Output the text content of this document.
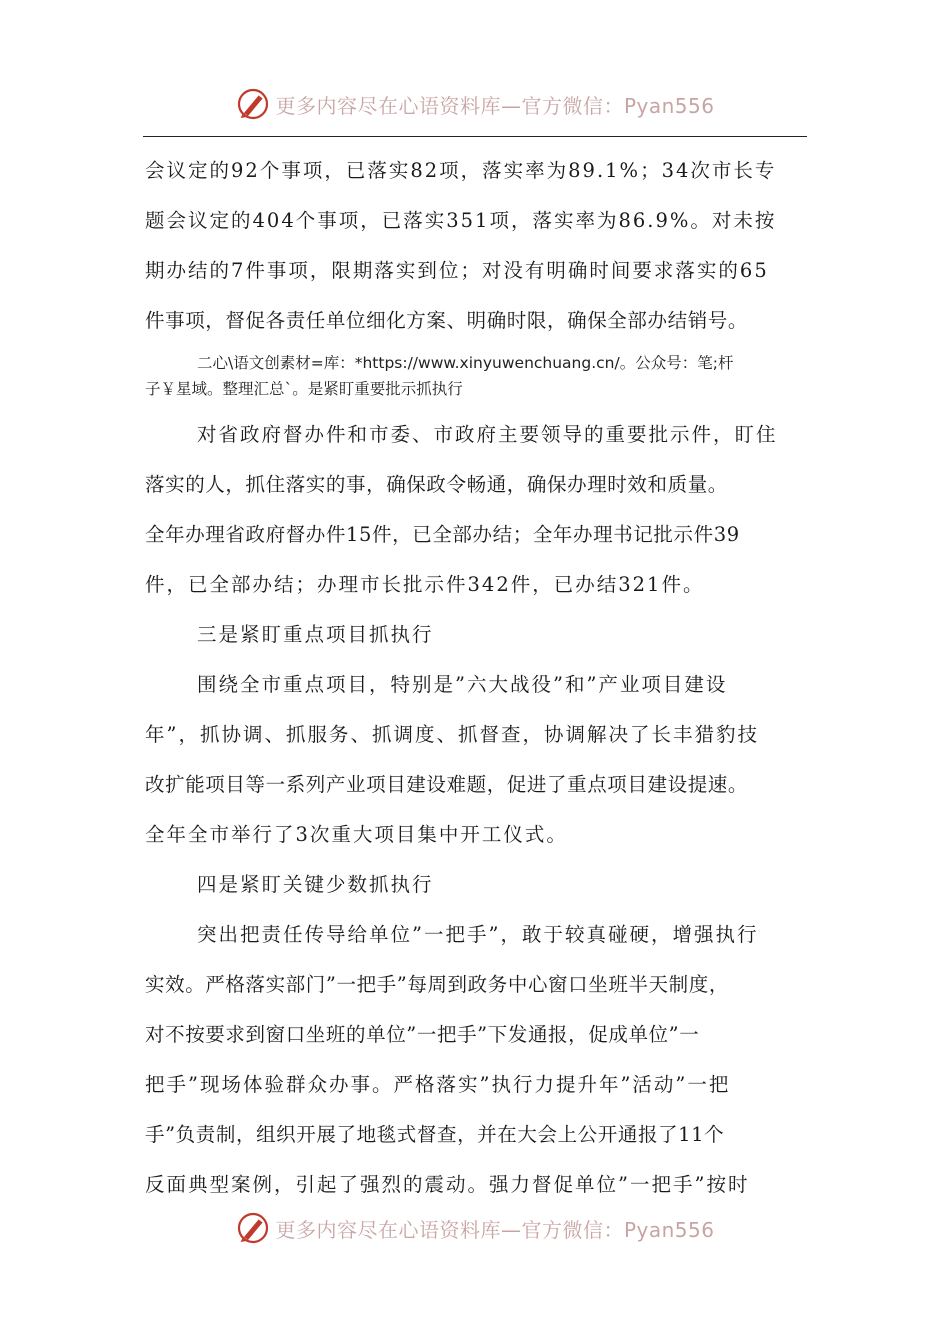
更多内容尽在心语资料库—官方微信：Pyan556
会议定的92个事项，已落实82项，落实率为89.1%；34次市长专
题会议定的404个事项，已落实351项，落实率为86.9%。对未按
期办结的7件事项，限期落实到位；对没有明确时间要求落实的65
件事项，督促各责任单位细化方案、明确时限，确保全部办结销号。
二心\语文创素材=库：*https://www.xinyuwenchuang.cn/。公众号：笔;杆
子￥星域。整理汇总`。是紧盯重要批示抓执行
对省政府督办件和市委、市政府主要领导的重要批示件，盯住
落实的人，抓住落实的事，确保政令畅通，确保办理时效和质量。
全年办理省政府督办件15件，已全部办结；全年办理书记批示件39
件，已全部办结；办理市长批示件342件，已办结321件。
三是紧盯重点项目抓执行
围绕全市重点项目，特别是”六大战役”和”产业项目建设
年”，抓协调、抓服务、抓调度、抓督查，协调解决了长丰猎豹技
改扩能项目等一系列产业项目建设难题，促进了重点项目建设提速。
全年全市举行了3次重大项目集中开工仪式。
四是紧盯关键少数抓执行
突出把责任传导给单位”一把手”，敢于较真碰硬，增强执行
实效。严格落实部门”一把手”每周到政务中心窗口坐班半天制度，
对不按要求到窗口坐班的单位”一把手”下发通报，促成单位”一
把手”现场体验群众办事。严格落实”执行力提升年”活动”一把
手”负责制，组织开展了地毯式督查，并在大会上公开通报了11个
反面典型案例，引起了强烈的震动。强力督促单位”一把手”按时
更多内容尽在心语资料库—官方微信：Pyan556
